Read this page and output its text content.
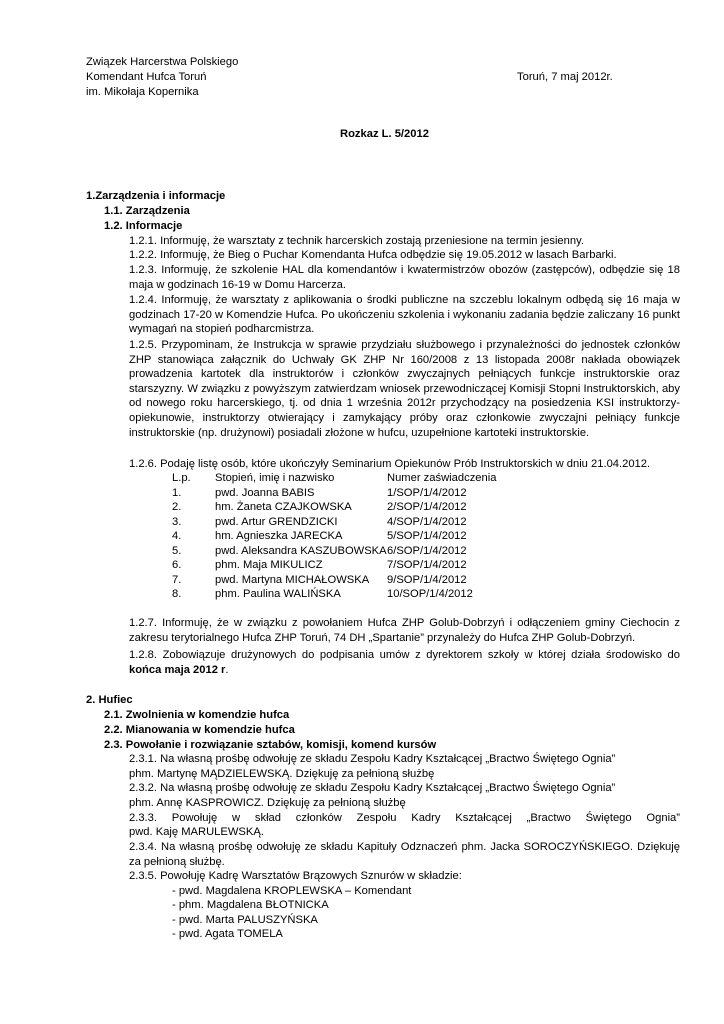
Związek Harcerstwa Polskiego
Komendant Hufca Toruń
im. Mikołaja Kopernika
Toruń, 7 maj 2012r.
Rozkaz L. 5/2012
1.Zarządzenia i informacje
1.1. Zarządzenia
1.2. Informacje
1.2.1. Informuję, że warsztaty z technik harcerskich zostają przeniesione na termin jesienny.
1.2.2. Informuję, że Bieg o Puchar Komendanta Hufca odbędzie się 19.05.2012 w lasach Barbarki.
1.2.3. Informuję, że szkolenie HAL dla komendantów i kwatermistrzów obozów (zastępców), odbędzie się 18 maja w godzinach 16-19 w Domu Harcerza.
1.2.4. Informuję, że warsztaty z aplikowania o środki publiczne na szczeblu lokalnym odbędą się 16 maja w godzinach 17-20 w Komendzie Hufca. Po ukończeniu szkolenia i wykonaniu zadania będzie zaliczany 16 punkt wymagań na stopień podharcmistrza.
1.2.5. Przypominam, że Instrukcja w sprawie przydziału służbowego i przynależności do jednostek członków ZHP stanowiąca załącznik do Uchwały GK ZHP Nr 160/2008 z 13 listopada 2008r nakłada obowiązek prowadzenia kartotek dla instruktorów i członków zwyczajnych pełniących funkcje instruktorskie oraz starszyzny. W związku z powyższym zatwierdzam wniosek przewodniczącej Komisji Stopni Instruktorskich, aby od nowego roku harcerskiego, tj. od dnia 1 września 2012r przychodzący na posiedzenia KSI instruktorzy-opiekunowie, instruktorzy otwierający i zamykający próby oraz członkowie zwyczajni pełniący funkcje instruktorskie (np. drużynowi) posiadali złożone w hufcu, uzupełnione kartoteki instruktorskie.
1.2.6. Podaję listę osób, które ukończyły Seminarium Opiekunów Prób Instruktorskich w dniu 21.04.2012.
L.p. Stopień, imię i nazwisko	Numer zaświadczenia
1.	pwd. Joanna BABIS	1/SOP/1/4/2012
2.	hm. Żaneta CZAJKOWSKA	2/SOP/1/4/2012
3.	pwd. Artur GRENDZICKI	4/SOP/1/4/2012
4.	hm. Agnieszka JARECKA	5/SOP/1/4/2012
5.	pwd. Aleksandra KASZUBOWSKA 6/SOP/1/4/2012
6.	phm. Maja MIKULICZ	7/SOP/1/4/2012
7.	pwd. Martyna MICHAŁOWSKA 9/SOP/1/4/2012
8.	phm. Paulina WALIŃSKA	10/SOP/1/4/2012
1.2.7. Informuję, że w związku z powołaniem Hufca ZHP Golub-Dobrzyń i odłączeniem gminy Ciechocin z zakresu terytorialnego Hufca ZHP Toruń, 74 DH „Spartanie” przynależy do Hufca ZHP Golub-Dobrzyń.
1.2.8. Zobowiązuje drużynowych do podpisania umów z dyrektorem szkoły w której działa środowisko do końca maja 2012 r.
2. Hufiec
2.1. Zwolnienia w komendzie hufca
2.2. Mianowania w komendzie hufca
2.3. Powołanie i rozwiązanie sztabów, komisji, komend kursów
2.3.1. Na własną prośbę odwołuję ze składu Zespołu Kadry Kształcącej „Bractwo Świętego Ognia”
phm. Martynę MĄDZIELEWSKĄ. Dziękuję za pełnioną służbę
2.3.2. Na własną prośbę odwołuję ze składu Zespołu Kadry Kształcącej „Bractwo Świętego Ognia”
phm. Annę KASPROWICZ. Dziękuję za pełnioną służbę
2.3.3. Powołuję w skład członków Zespołu Kadry Kształcącej „Bractwo Świętego Ognia”
pwd. Kaję MARULEWSKĄ.
2.3.4. Na własną prośbę odwołuję ze składu Kapituły Odznaczeń phm. Jacka SOROCZYŃSKIEGO. Dziękuję za pełnioną służbę.
2.3.5. Powołuję Kadrę Warsztatów Brązowych Sznurów w składzie:
- pwd. Magdalena KROPLEWSKA – Komendant
- phm. Magdalena BŁOTNICKA
- pwd. Marta PALUSZYŃSKA
- pwd. Agata TOMELA
